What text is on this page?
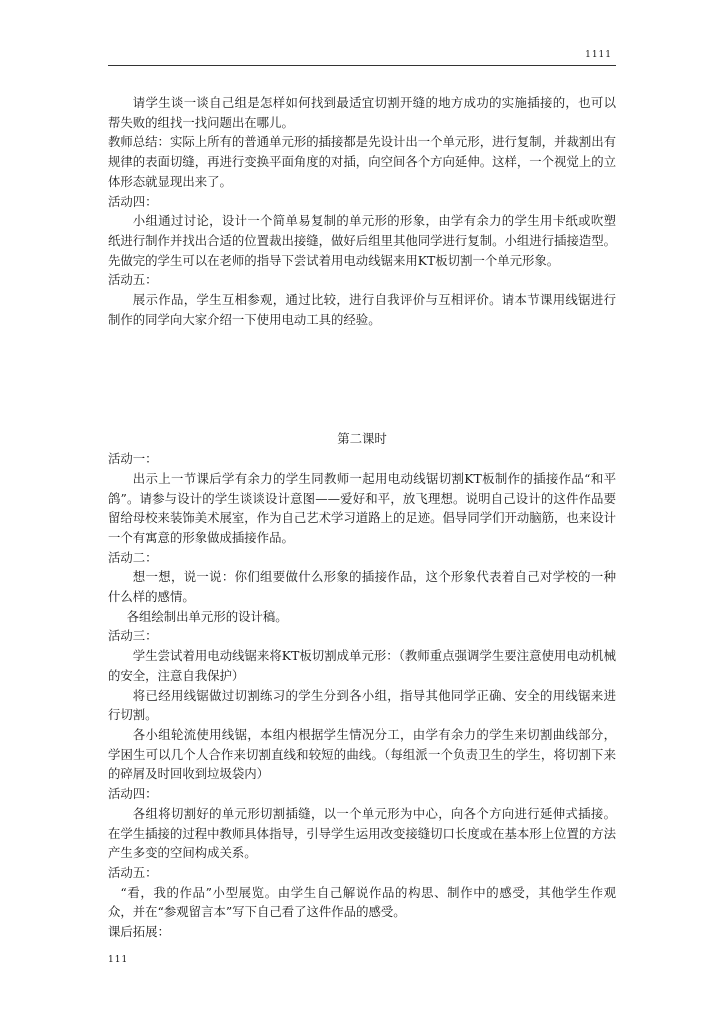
1111

请学生谈一谈自己组是怎样如何找到最适宜切割开缝的地方成功的实施插接的，也可以帮失败的组找一找问题出在哪儿。

教师总结：实际上所有的普通单元形的插接都是先设计出一个单元形，进行复制，并裁割出有规律的表面切缝，再进行变换平面角度的对插，向空间各个方向延伸。这样，一个视觉上的立体形态就显现出来了。

活动四：

小组通过讨论，设计一个简单易复制的单元形的形象，由学有余力的学生用卡纸或吹塑纸进行制作并找出合适的位置裁出接缝，做好后组里其他同学进行复制。小组进行插接造型。

先做完的学生可以在老师的指导下尝试着用电动线锯来用KT板切割一个单元形象。

活动五：

展示作品，学生互相参观，通过比较，进行自我评价与互相评价。请本节课用线锯进行制作的同学向大家介绍一下使用电动工具的经验。

第二课时

活动一：

出示上一节课后学有余力的学生同教师一起用电动线锯切割KT板制作的插接作品“和平鸽”。请参与设计的学生谈谈设计意图——爱好和平，放飞理想。说明自己设计的这件作品要留给母校来装饰美术展室，作为自己艺术学习道路上的足迹。倡导同学们开动脑筋，也来设计一个有寓意的形象做成插接作品。

活动二：

想一想，说一说：你们组要做什么形象的插接作品，这个形象代表着自己对学校的一种什么样的感情。

各组绘制出单元形的设计稿。

活动三：

学生尝试着用电动线锯来将KT板切割成单元形：（教师重点强调学生要注意使用电动机械的安全，注意自我保护）

将已经用线锯做过切割练习的学生分到各小组，指导其他同学正确、安全的用线锯来进行切割。

各小组轮流使用线锯，本组内根据学生情况分工，由学有余力的学生来切割曲线部分，学困生可以几个人合作来切割直线和较短的曲线。（每组派一个负责卫生的学生，将切割下来的碎屑及时回收到垃圾袋内）

活动四：

各组将切割好的单元形切割插缝，以一个单元形为中心，向各个方向进行延伸式插接。在学生插接的过程中教师具体指导，引导学生运用改变接缝切口长度或在基本形上位置的方法产生多变的空间构成关系。

活动五：

“看，我的作品”小型展览。由学生自己解说作品的构思、制作中的感受，其他学生作观众，并在“参观留言本”写下自己看了这件作品的感受。

课后拓展：

111
